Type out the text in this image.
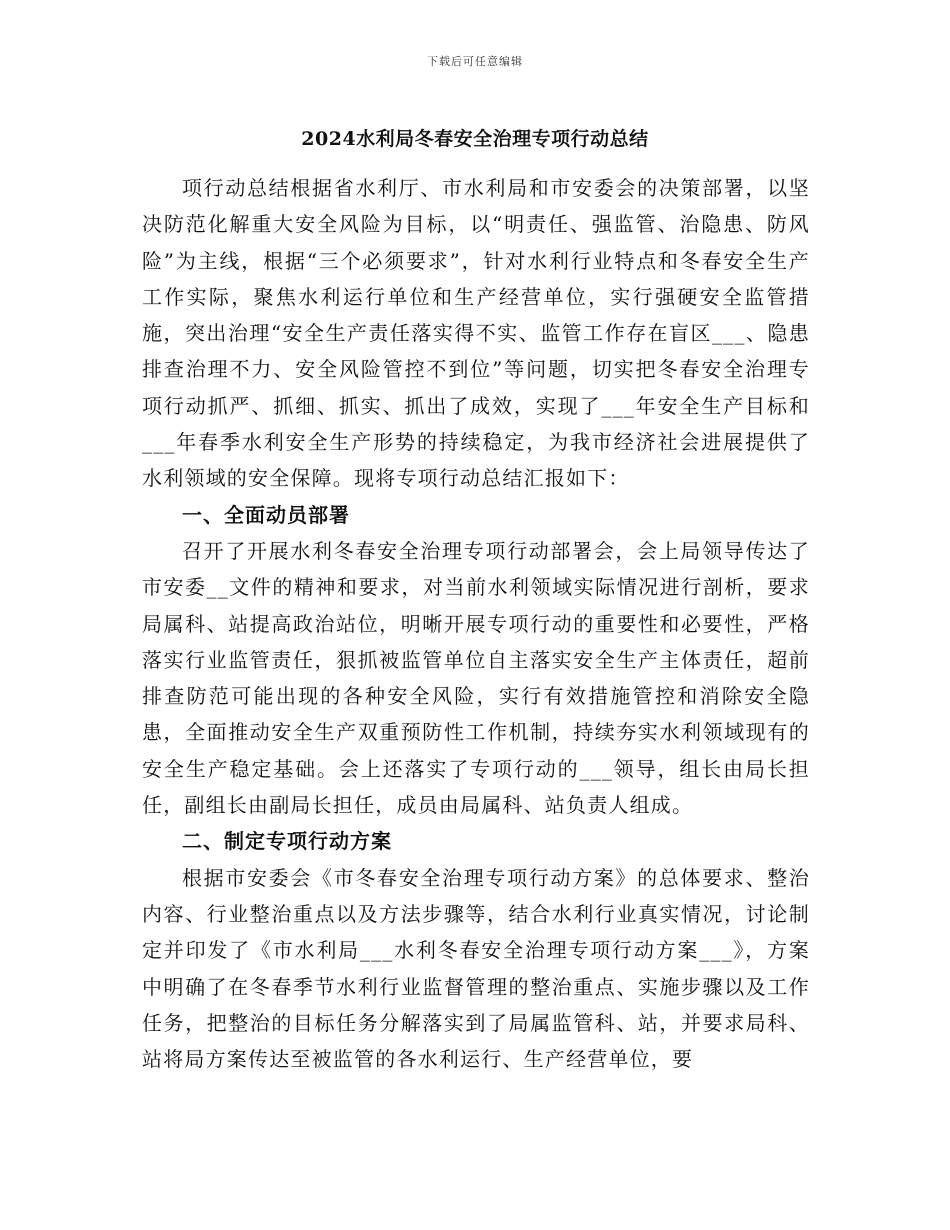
下载后可任意编辑
2024水利局冬春安全治理专项行动总结

项行动总结根据省水利厅、市水利局和市安委会的决策部署，以坚决防范化解重大安全风险为目标，以“明责任、强监管、治隐患、防风险”为主线，根据“三个必须要求”，针对水利行业特点和冬春安全生产工作实际，聚焦水利运行单位和生产经营单位，实行强硬安全监管措施，突出治理“安全生产责任落实得不实、监管工作存在盲区___、隐患排查治理不力、安全风险管控不到位”等问题，切实把冬春安全治理专项行动抓严、抓细、抓实、抓出了成效，实现了___年安全生产目标和___年春季水利安全生产形势的持续稳定，为我市经济社会进展提供了水利领域的安全保障。现将专项行动总结汇报如下：

一、全面动员部署

召开了开展水利冬春安全治理专项行动部署会，会上局领导传达了市安委__文件的精神和要求，对当前水利领域实际情况进行剖析，要求局属科、站提高政治站位，明晰开展专项行动的重要性和必要性，严格落实行业监管责任，狠抓被监管单位自主落实安全生产主体责任，超前排查防范可能出现的各种安全风险，实行有效措施管控和消除安全隐患，全面推动安全生产双重预防性工作机制，持续夯实水利领域现有的安全生产稳定基础。会上还落实了专项行动的___领导，组长由局长担任，副组长由副局长担任，成员由局属科、站负责人组成。

二、制定专项行动方案

根据市安委会《市冬春安全治理专项行动方案》的总体要求、整治内容、行业整治重点以及方法步骤等，结合水利行业真实情况，讨论制定并印发了《市水利局___水利冬春安全治理专项行动方案___》，方案中明确了在冬春季节水利行业监督管理的整治重点、实施步骤以及工作任务，把整治的目标任务分解落实到了局属监管科、站，并要求局科、站将局方案传达至被监管的各水利运行、生产经营单位，要
